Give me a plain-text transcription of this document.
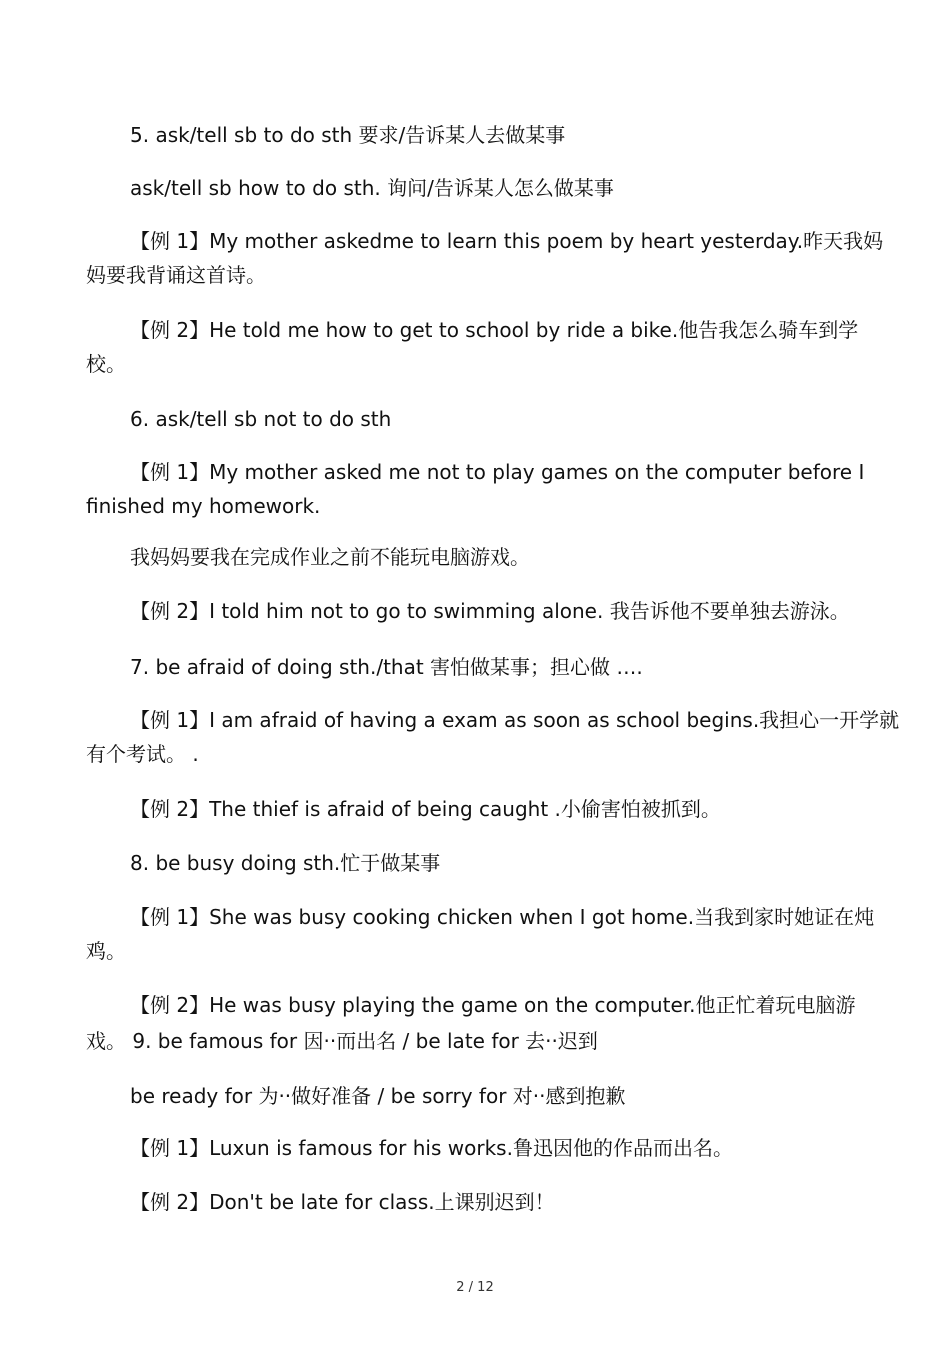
5. ask/tell sb to do sth 要求/告诉某人去做某事
ask/tell sb how to do sth. 询问/告诉某人怎么做某事
【例 1】My mother askedme to learn this poem by heart yesterday.昨天我妈
妈要我背诵这首诗。
【例 2】He told me how to get to school by ride a bike.他告我怎么骑车到学
校。
6. ask/tell sb not to do sth
【例 1】My mother asked me not to play games on the computer before I
finished my homework.
我妈妈要我在完成作业之前不能玩电脑游戏。
【例 2】I told him not to go to swimming alone. 我告诉他不要单独去游泳。
7. be afraid of doing sth./that 害怕做某事；担心做 ….
【例 1】I am afraid of having a exam as soon as school begins.我担心一开学就
有个考试。 .
【例 2】The thief is afraid of being caught .小偷害怕被抓到。
8. be busy doing sth.忙于做某事
【例 1】She was busy cooking chicken when I got home.当我到家时她证在炖
鸡。
【例 2】He was busy playing the game on the computer.他正忙着玩电脑游
戏。 9. be famous for 因··而出名 / be late for 去··迟到
be ready for 为··做好准备 / be sorry for 对··感到抱歉
【例 1】Luxun is famous for his works.鲁迅因他的作品而出名。
【例 2】Don't be late for class.上课别迟到！
2 / 12
